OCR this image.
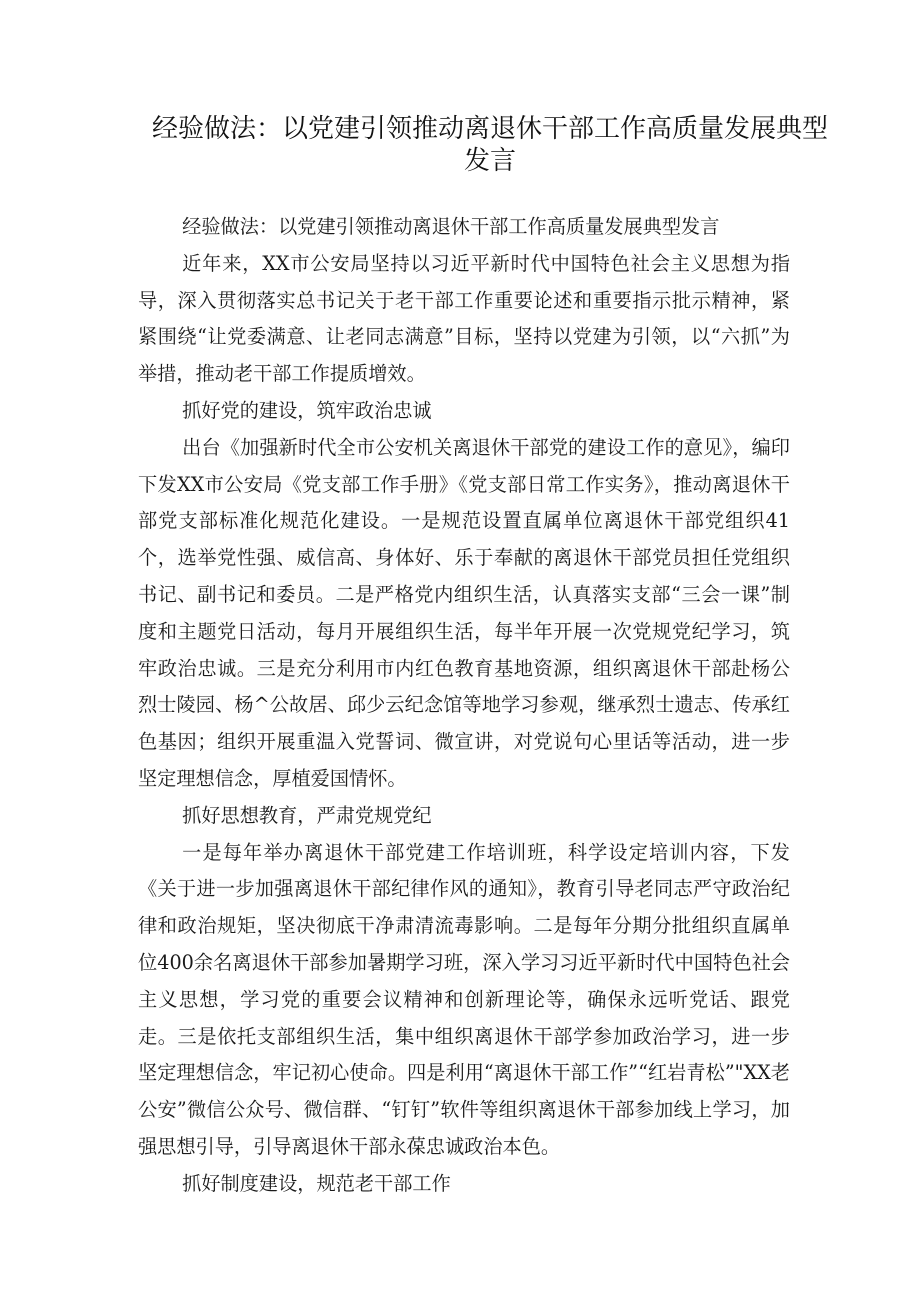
经验做法：以党建引领推动离退休干部工作高质量发展典型发言

经验做法：以党建引领推动离退休干部工作高质量发展典型发言

近年来，XX市公安局坚持以习近平新时代中国特色社会主义思想为指导，深入贯彻落实总书记关于老干部工作重要论述和重要指示批示精神，紧紧围绕“让党委满意、让老同志满意”目标，坚持以党建为引领，以“六抓”为举措，推动老干部工作提质增效。

抓好党的建设，筑牢政治忠诚

出台《加强新时代全市公安机关离退休干部党的建设工作的意见》，编印下发XX市公安局《党支部工作手册》《党支部日常工作实务》，推动离退休干部党支部标准化规范化建设。一是规范设置直属单位离退休干部党组织41个，选举党性强、威信高、身体好、乐于奉献的离退休干部党员担任党组织书记、副书记和委员。二是严格党内组织生活，认真落实支部“三会一课”制度和主题党日活动，每月开展组织生活，每半年开展一次党规党纪学习，筑牢政治忠诚。三是充分利用市内红色教育基地资源，组织离退休干部赴杨公烈士陵园、杨^公故居、邱少云纪念馆等地学习参观，继承烈士遗志、传承红色基因；组织开展重温入党誓词、微宣讲，对党说句心里话等活动，进一步坚定理想信念，厚植爱国情怀。

抓好思想教育，严肃党规党纪

一是每年举办离退休干部党建工作培训班，科学设定培训内容，下发《关于进一步加强离退休干部纪律作风的通知》，教育引导老同志严守政治纪律和政治规矩，坚决彻底干净肃清流毒影响。二是每年分期分批组织直属单位400余名离退休干部参加暑期学习班，深入学习习近平新时代中国特色社会主义思想，学习党的重要会议精神和创新理论等，确保永远听党话、跟党走。三是依托支部组织生活，集中组织离退休干部学参加政治学习，进一步坚定理想信念，牢记初心使命。四是利用“离退休干部工作”“红岩青松”"XX老公安”微信公众号、微信群、“钉钉”软件等组织离退休干部参加线上学习，加强思想引导，引导离退休干部永葆忠诚政治本色。

抓好制度建设，规范老干部工作
